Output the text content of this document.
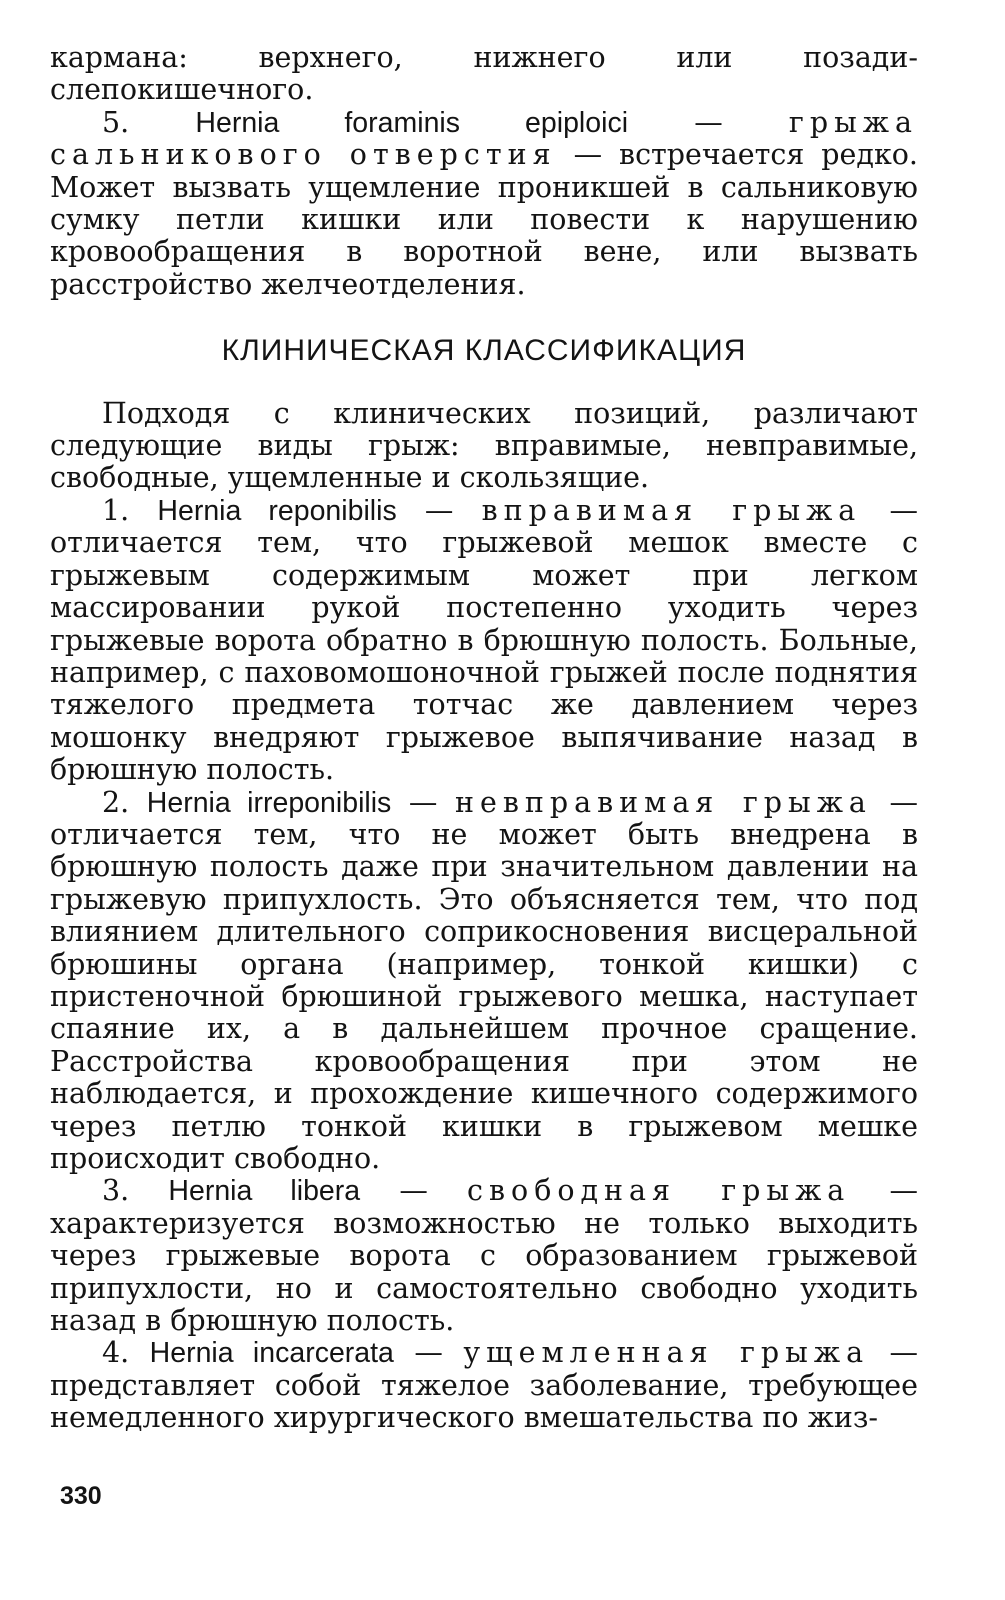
кармана: верхнего, нижнего или позади-слепокишечного.

5. Hernia foraminis epiploici — грыжа сальникового отверстия — встречается редко. Может вызвать ущемление проникшей в сальниковую сумку петли кишки или повести к нарушению кровообращения в воротной вене, или вызвать расстройство желчеотделения.

КЛИНИЧЕСКАЯ КЛАССИФИКАЦИЯ

Подходя с клинических позиций, различают следующие виды грыж: вправимые, невправимые, свободные, ущемленные и скользящие.

1. Hernia reponibilis — вправимая грыжа — отличается тем, что грыжевой мешок вместе с грыжевым содержимым может при легком массировании рукой постепенно уходить через грыжевые ворота обратно в брюшную полость. Больные, например, с паховомошоночной грыжей после поднятия тяжелого предмета тотчас же давлением через мошонку внедряют грыжевое выпячивание назад в брюшную полость.

2. Hernia irreponibilis — невправимая грыжа — отличается тем, что не может быть внедрена в брюшную полость даже при значительном давлении на грыжевую припухлость. Это объясняется тем, что под влиянием длительного соприкосновения висцеральной брюшины органа (например, тонкой кишки) с пристеночной брюшиной грыжевого мешка, наступает спаяние их, а в дальнейшем прочное сращение. Расстройства кровообращения при этом не наблюдается, и прохождение кишечного содержимого через петлю тонкой кишки в грыжевом мешке происходит свободно.

3. Hernia libera — свободная грыжа — характеризуется возможностью не только выходить через грыжевые ворота с образованием грыжевой припухлости, но и самостоятельно свободно уходить назад в брюшную полость.

4. Hernia incarcerata — ущемленная грыжа — представляет собой тяжелое заболевание, требующее немедленного хирургического вмешательства по жиз-

330
